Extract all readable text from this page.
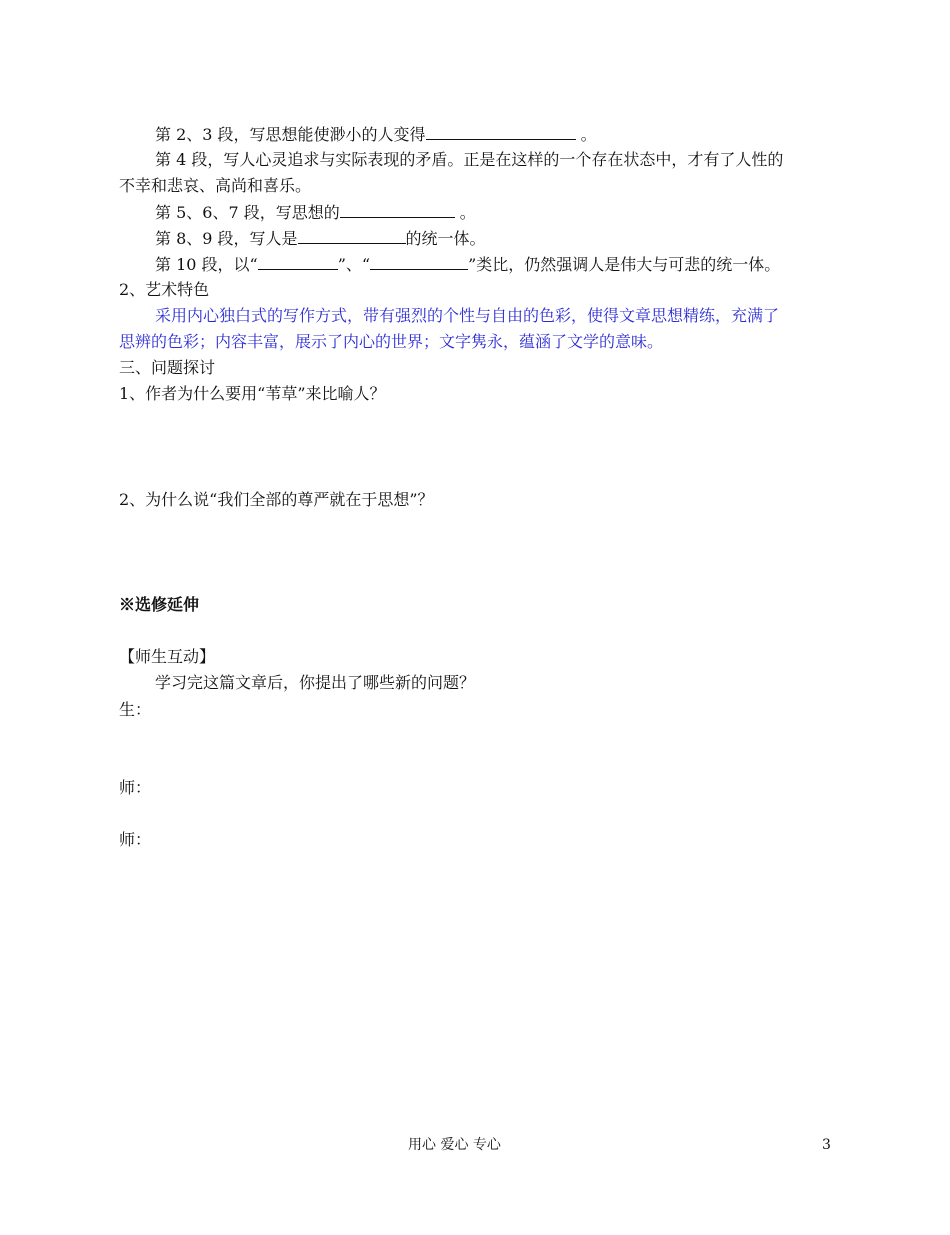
第 2、3 段，写思想能使渺小的人变得	。
第 4 段，写人心灵追求与实际表现的矛盾。正是在这样的一个存在状态中，才有了人性的
不幸和悲哀、高尚和喜乐。
第 5、6、7 段，写思想的	。
第 8、9 段，写人是	的统一体。
第 10 段，以“	”、“	”类比，仍然强调人是伟大与可悲的统一体。
2、艺术特色
采用内心独白式的写作方式，带有强烈的个性与自由的色彩，使得文章思想精练，充满了
思辨的色彩；内容丰富，展示了内心的世界；文字隽永，蕴涵了文学的意味。
三、问题探讨
1、作者为什么要用“苇草”来比喻人？
2、为什么说“我们全部的尊严就在于思想”？
※选修延伸
【师生互动】
学习完这篇文章后，你提出了哪些新的问题？
生：
师：
师：
用心 爱心 专心	3
